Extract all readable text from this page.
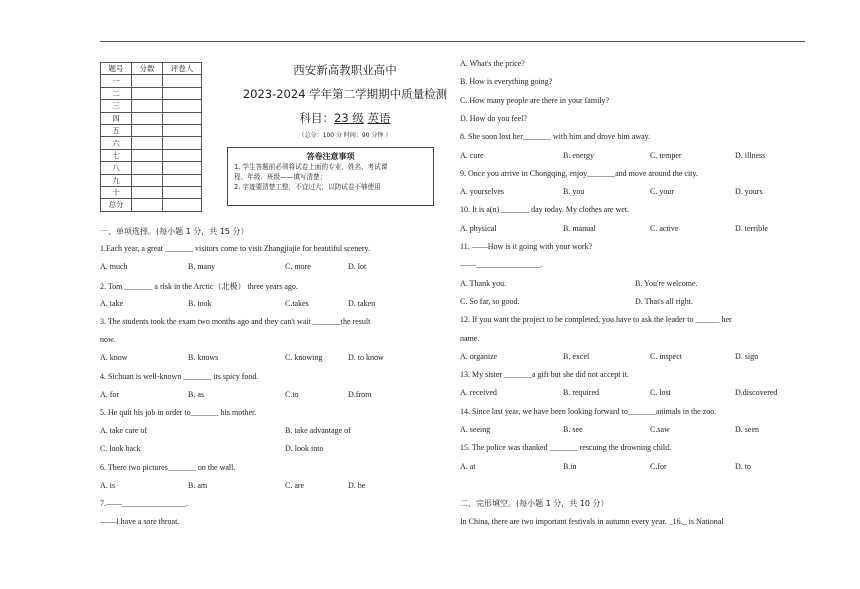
题号	分数	评卷人
一		
二		
三		
四		
五		
六		
七		
八		
九		
十		
总分		
西安新高教职业高中
2023-2024 学年第二学期期中质量检测
科目：23 级 英语
（总分：100 分 时间：90 分钟 ）
答卷注意事项
1. 学生答题前必须将试卷上面的专业、姓名、考试课
程、年级、班级——填写清楚；
2. 字迹要清楚工整，不宜过大，以防试卷不够使用
一、单项选择。(每小题 1 分，共 15 分）
1.Each year, a great _______ visitors come to visit Zhangjiajie for beautiful scenery.
A. much	B. many	C. more	D. lot
2. Tom _______ a risk in the Arctic（北极） three years ago.
A. take	B. took	C.takes	D. taken
3. The students took the exam two months ago and they can't wait _______the result
now.
A. know	B. knows	C. knowing	D. to know
4. Sichuan is well-known _______ its spicy food.
A. for	B. as	C.to	D.from
5. He quit his job in order to_______ his mother.
A. take care of	B. take advantage of
C. look back	D. look into
6. There two pictures_______ on the wall.
A. is	B. am	C. are	D. be
7.——________________.
——I have a sore throat.
A. What's the price?
B. How is everything going?
C. How many people are there in your family?
D. How do you feel?
8. She soon lost her_______ with him and drove him away.
A. cure	B. energy	C. temper	D. illness
9. Once you arrive in Chongqing, enjoy_______and move around the city.
A. yourselves	B. you	C. your	D. yours
10. It is a(n) _______ day today. My clothes are wet.
A. physical	B. manual	C. active	D. terrible
11. ——How is it going with your work?
——________________.
A. Thank you.	B. You're welcome.
C. So far, so good.	D. That's all right.
12. If you want the project to be completed, you have to ask the leader to ______ her
name.
A. organize	B. excel	C. inspect	D. sign
13. My sister _______a gift but she did not accept it.
A. received	B. required	C. lost	D.discovered
14. Since last year, we have been looking forward to_______animals in the zoo.
A. seeing	B. see	C.saw	D. seen
15. The police was thanked _______ rescuing the drowning child.
A. at	B.in	C.for	D. to
二、完形填空。(每小题 1 分，共 10 分）
In China, there are two important festivals in autumn every year. _16._ is National
